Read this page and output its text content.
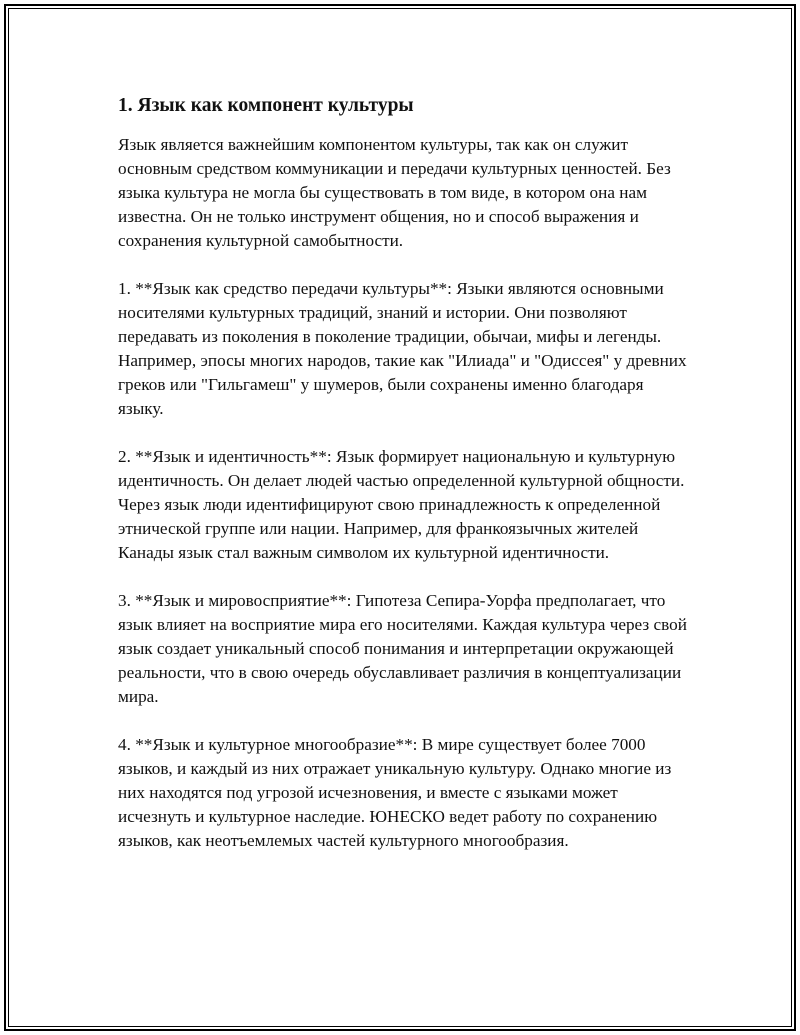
1. Язык как компонент культуры

Язык является важнейшим компонентом культуры, так как он служит основным средством коммуникации и передачи культурных ценностей. Без языка культура не могла бы существовать в том виде, в котором она нам известна. Он не только инструмент общения, но и способ выражения и сохранения культурной самобытности.

1. **Язык как средство передачи культуры**: Языки являются основными носителями культурных традиций, знаний и истории. Они позволяют передавать из поколения в поколение традиции, обычаи, мифы и легенды. Например, эпосы многих народов, такие как "Илиада" и "Одиссея" у древних греков или "Гильгамеш" у шумеров, были сохранены именно благодаря языку.

2. **Язык и идентичность**: Язык формирует национальную и культурную идентичность. Он делает людей частью определенной культурной общности. Через язык люди идентифицируют свою принадлежность к определенной этнической группе или нации. Например, для франкоязычных жителей Канады язык стал важным символом их культурной идентичности.

3. **Язык и мировосприятие**: Гипотеза Сепира-Уорфа предполагает, что язык влияет на восприятие мира его носителями. Каждая культура через свой язык создает уникальный способ понимания и интерпретации окружающей реальности, что в свою очередь обуславливает различия в концептуализации мира.

4. **Язык и культурное многообразие**: В мире существует более 7000 языков, и каждый из них отражает уникальную культуру. Однако многие из них находятся под угрозой исчезновения, и вместе с языками может исчезнуть и культурное наследие. ЮНЕСКО ведет работу по сохранению языков, как неотъемлемых частей культурного многообразия.
